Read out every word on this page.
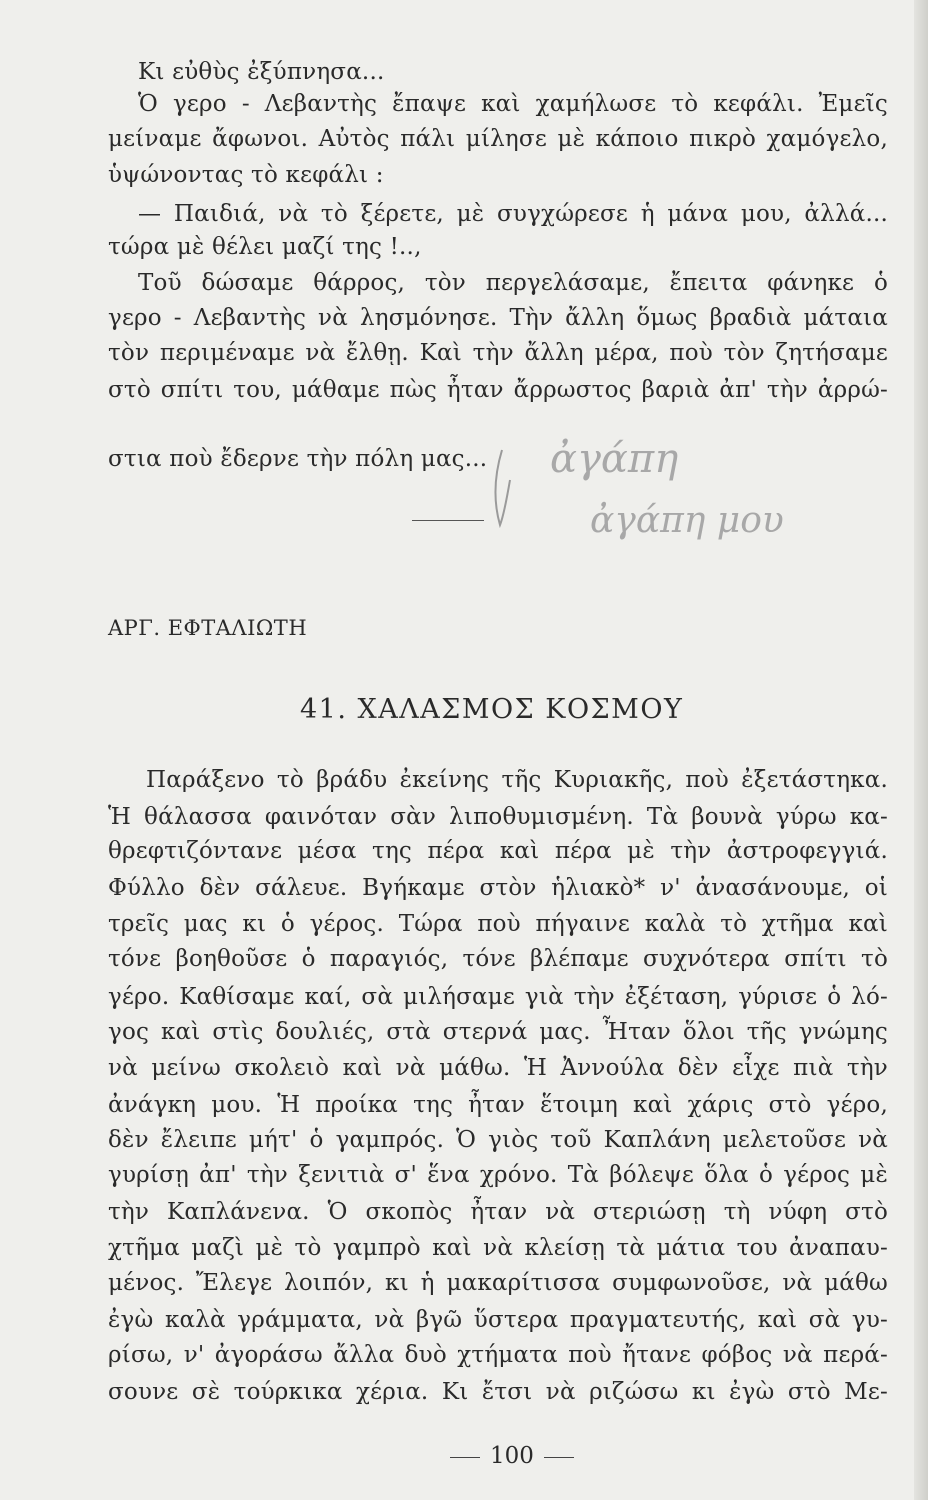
Κι εὐθὺς ἐξύπνησα...
Ὁ γερο - Λεβαντὴς ἔπαψε καὶ χαμήλωσε τὸ κεφάλι. Ἐμεῖς
μείναμε ἄφωνοι. Αὐτὸς πάλι μίλησε μὲ κάποιο πικρὸ χαμόγελο,
ὑψώνοντας τὸ κεφάλι :
— Παιδιά, νὰ τὸ ξέρετε, μὲ συγχώρεσε ἡ μάνα μου, ἀλλά...
τώρα μὲ θέλει μαζί της !..,
Τοῦ δώσαμε θάρρος, τὸν περγελάσαμε, ἔπειτα φάνηκε ὁ
γερο - Λεβαντὴς νὰ λησμόνησε. Τὴν ἄλλη ὅμως βραδιὰ μάταια
τὸν περιμέναμε νὰ ἔλθῃ. Καὶ τὴν ἄλλη μέρα, ποὺ τὸν ζητήσαμε
στὸ σπίτι του, μάθαμε πὼς ἦταν ἄρρωστος βαριὰ ἀπ' τὴν ἀρρώ-
στια ποὺ ἔδερνε τὴν πόλη μας... ἀγάπη
ἀγάπη μου
ΑΡΓ. ΕΦΤΑΛΙΩΤΗ
41. ΧΑΛΑΣΜΟΣ ΚΟΣΜΟΥ
Παράξενο τὸ βράδυ ἐκείνης τῆς Κυριακῆς, ποὺ ἐξετάστηκα.
Ἡ θάλασσα φαινόταν σὰν λιποθυμισμένη. Τὰ βουνὰ γύρω κα-
θρεφτιζόντανε μέσα της πέρα καὶ πέρα μὲ τὴν ἀστροφεγγιά.
Φύλλο δὲν σάλευε. Βγήκαμε στὸν ἡλιακὸ* ν' ἀνασάνουμε, οἱ
τρεῖς μας κι ὁ γέρος. Τώρα ποὺ πήγαινε καλὰ τὸ χτῆμα καὶ
τόνε βοηθοῦσε ὁ παραγιός, τόνε βλέπαμε συχνότερα σπίτι τὸ
γέρο. Καθίσαμε καί, σὰ μιλήσαμε γιὰ τὴν ἐξέταση, γύρισε ὁ λό-
γος καὶ στὶς δουλιές, στὰ στερνά μας. Ἦταν ὅλοι τῆς γνώμης
νὰ μείνω σκολειὸ καὶ νὰ μάθω. Ἡ Ἀννούλα δὲν εἶχε πιὰ τὴν
ἀνάγκη μου. Ἡ προίκα της ἦταν ἕτοιμη καὶ χάρις στὸ γέρο,
δὲν ἔλειπε μήτ' ὁ γαμπρός. Ὁ γιὸς τοῦ Καπλάνη μελετοῦσε νὰ
γυρίσῃ ἀπ' τὴν ξενιτιὰ σ' ἕνα χρόνο. Τὰ βόλεψε ὅλα ὁ γέρος μὲ
τὴν Καπλάνενα. Ὁ σκοπὸς ἦταν νὰ στεριώσῃ τὴ νύφη στὸ
χτῆμα μαζὶ μὲ τὸ γαμπρὸ καὶ νὰ κλείσῃ τὰ μάτια του ἀναπαυ-
μένος. Ἔλεγε λοιπόν, κι ἡ μακαρίτισσα συμφωνοῦσε, νὰ μάθω
ἐγὼ καλὰ γράμματα, νὰ βγῶ ὕστερα πραγματευτής, καὶ σὰ γυ-
ρίσω, ν' ἀγοράσω ἄλλα δυὸ χτήματα ποὺ ἤτανε φόβος νὰ περά-
σουνε σὲ τούρκικα χέρια. Κι ἔτσι νὰ ριζώσω κι ἐγὼ στὸ Με-
100
